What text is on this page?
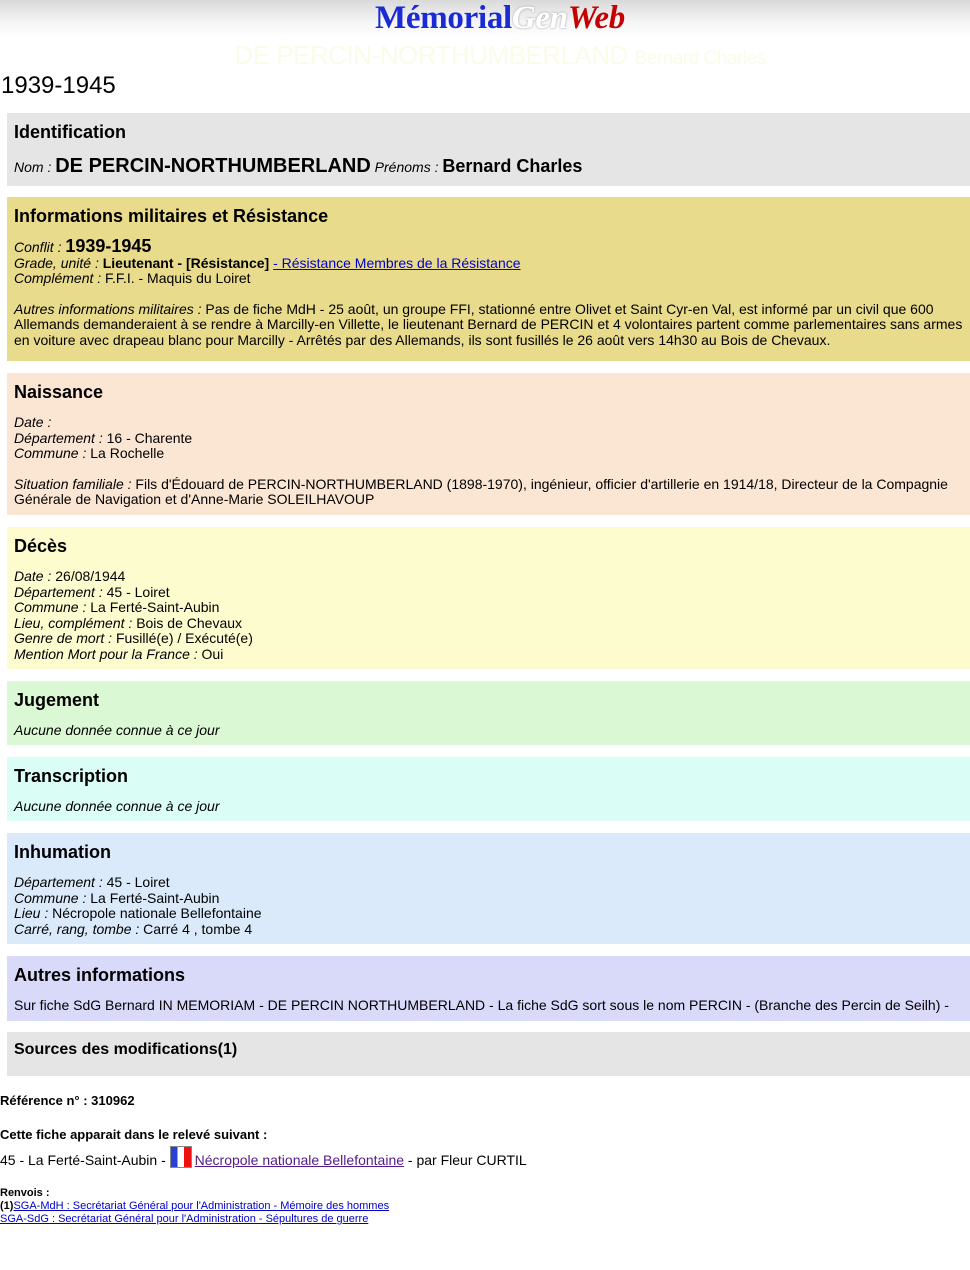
MémorialGenWeb
DE PERCIN-NORTHUMBERLAND Bernard Charles
1939-1945
Identification
Nom : DE PERCIN-NORTHUMBERLAND Prénoms : Bernard Charles
Informations militaires et Résistance
Conflit : 1939-1945
Grade, unité : Lieutenant - [Résistance] - Résistance Membres de la Résistance
Complément : F.F.I. - Maquis du Loiret
Autres informations militaires : Pas de fiche MdH - 25 août, un groupe FFI, stationné entre Olivet et Saint Cyr-en Val, est informé par un civil que 600 Allemands demanderaient à se rendre à Marcilly-en Villette, le lieutenant Bernard de PERCIN et 4 volontaires partent comme parlementaires sans armes en voiture avec drapeau blanc pour Marcilly - Arrêtés par des Allemands, ils sont fusillés le 26 août vers 14h30 au Bois de Chevaux.
Naissance
Date :
Département : 16 - Charente
Commune : La Rochelle
Situation familiale : Fils d'Édouard de PERCIN-NORTHUMBERLAND (1898-1970), ingénieur, officier d'artillerie en 1914/18, Directeur de la Compagnie Générale de Navigation et d'Anne-Marie SOLEILHAVOUP
Décès
Date : 26/08/1944
Département : 45 - Loiret
Commune : La Ferté-Saint-Aubin
Lieu, complément : Bois de Chevaux
Genre de mort : Fusillé(e) / Exécuté(e)
Mention Mort pour la France : Oui
Jugement
Aucune donnée connue à ce jour
Transcription
Aucune donnée connue à ce jour
Inhumation
Département : 45 - Loiret
Commune : La Ferté-Saint-Aubin
Lieu : Nécropole nationale Bellefontaine
Carré, rang, tombe : Carré 4 , tombe 4
Autres informations
Sur fiche SdG Bernard IN MEMORIAM - DE PERCIN NORTHUMBERLAND - La fiche SdG sort sous le nom PERCIN - (Branche des Percin de Seilh) -
Sources des modifications(1)
Référence n° : 310962
Cette fiche apparait dans le relevé suivant :
45 - La Ferté-Saint-Aubin - Nécropole nationale Bellefontaine - par Fleur CURTIL
Renvois :
(1)SGA-MdH : Secrétariat Général pour l'Administration - Mémoire des hommes
SGA-SdG : Secrétariat Général pour l'Administration - Sépultures de guerre
